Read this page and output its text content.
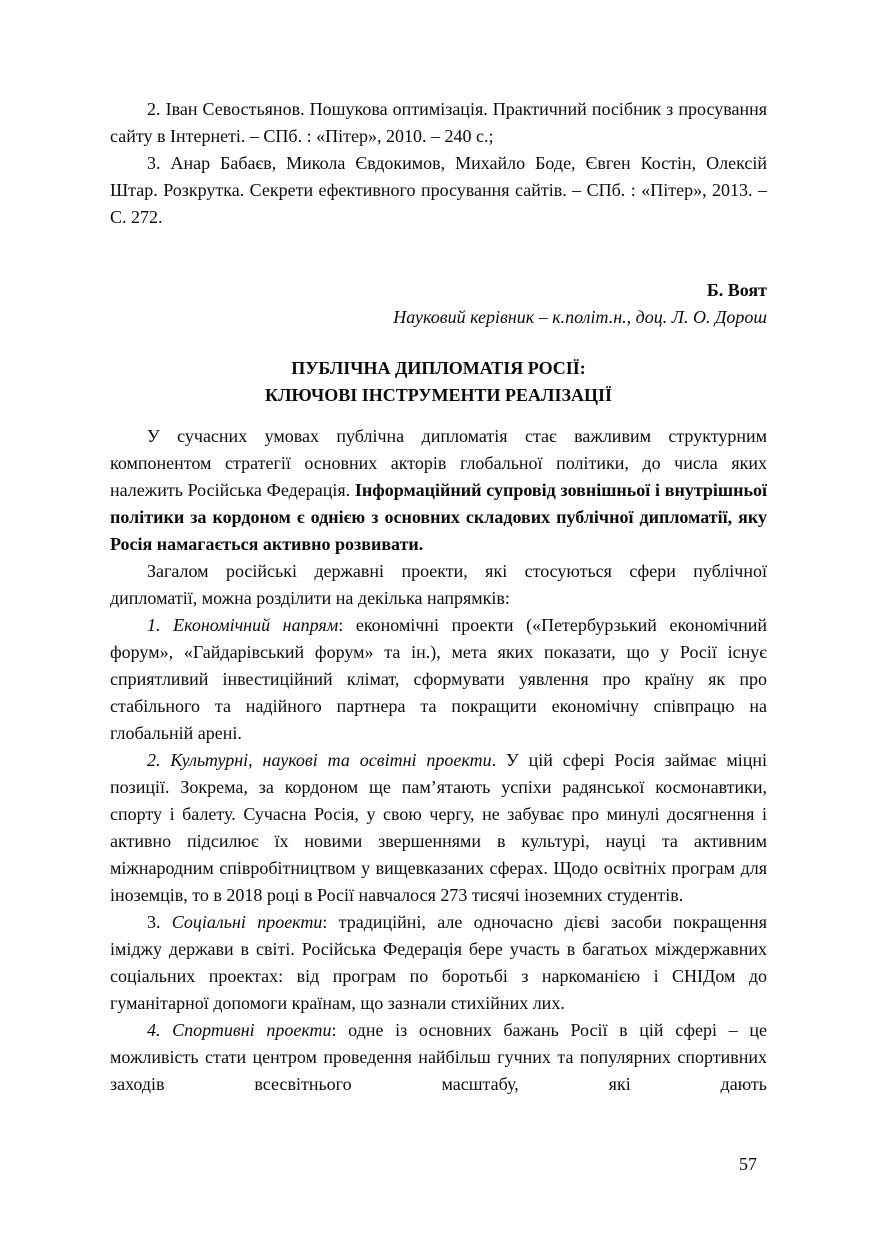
2. Іван Севостьянов. Пошукова оптимізація. Практичний посібник з просування сайту в Інтернеті. – СПб. : «Пітер», 2010. – 240 с.;

3. Анар Бабаєв, Микола Євдокимов, Михайло Боде, Євген Костін, Олексій Штар. Розкрутка. Секрети ефективного просування сайтів. – СПб. : «Пітер», 2013. – С. 272.

Б. Воят
Науковий керівник – к.політ.н., доц. Л. О. Дорош
ПУБЛІЧНА ДИПЛОМАТІЯ РОСІЇ:
КЛЮЧОВІ ІНСТРУМЕНТИ РЕАЛІЗАЦІЇ

У сучасних умовах публічна дипломатія стає важливим структурним компонентом стратегії основних акторів глобальної політики, до числа яких належить Російська Федерація. Інформаційний супровід зовнішньої і внутрішньої політики за кордоном є однією з основних складових публічної дипломатії, яку Росія намагається активно розвивати.

Загалом російські державні проекти, які стосуються сфери публічної дипломатії, можна розділити на декілька напрямків:

1. Економічний напрям: економічні проекти («Петербурзький економічний форум», «Гайдарівський форум» та ін.), мета яких показати, що у Росії існує сприятливий інвестиційний клімат, сформувати уявлення про країну як про стабільного та надійного партнера та покращити економічну співпрацю на глобальній арені.

2. Культурні, наукові та освітні проекти. У цій сфері Росія займає міцні позиції. Зокрема, за кордоном ще пам’ятають успіхи радянської космонавтики, спорту і балету. Сучасна Росія, у свою чергу, не забуває про минулі досягнення і активно підсилює їх новими звершеннями в культурі, науці та активним міжнародним співробітництвом у вищевказаних сферах. Щодо освітніх програм для іноземців, то в 2018 році в Росії навчалося 273 тисячі іноземних студентів.

3. Соціальні проекти: традиційні, але одночасно дієві засоби покращення іміджу держави в світі. Російська Федерація бере участь в багатьох міждержавних соціальних проектах: від програм по боротьбі з наркоманією і СНІДом до гуманітарної допомоги країнам, що зазнали стихійних лих.

4. Спортивні проекти: одне із основних бажань Росії в цій сфері – це можливість стати центром проведення найбільш гучних та популярних спортивних заходів всесвітнього масштабу, які дають

57
